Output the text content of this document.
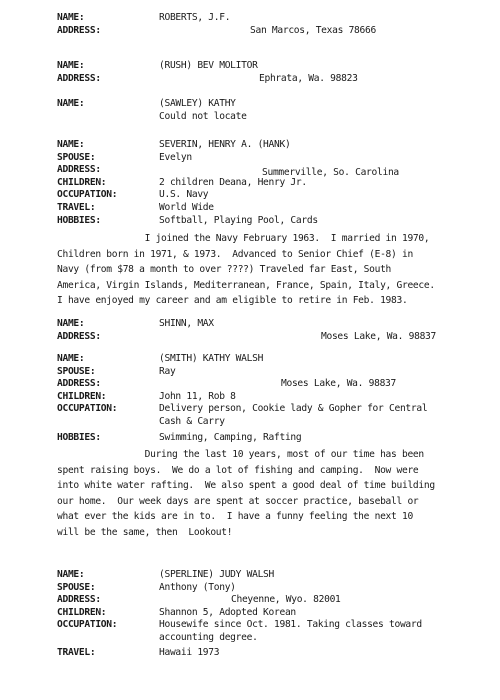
NAME:	ROBERTS, J.F.
ADDRESS:	San Marcos, Texas 78666
NAME:	(RUSH) BEV MOLITOR
ADDRESS:	Ephrata, Wa. 98823
NAME:	(SAWLEY) KATHY
Could not locate
NAME:	SEVERIN, HENRY A. (HANK)
SPOUSE:	Evelyn
ADDRESS:	Summerville, So. Carolina
CHILDREN:	2 children Deana, Henry Jr.
OCCUPATION:	U.S. Navy
TRAVEL:	World Wide
HOBBIES:	Softball, Playing Pool, Cards
I joined the Navy February 1963.  I married in 1970,
Children born in 1971, & 1973.  Advanced to Senior Chief (E-8) in
Navy (from $78 a month to over ????) Traveled far East, South
America, Virgin Islands, Mediterranean, France, Spain, Italy, Greece.
I have enjoyed my career and am eligible to retire in Feb. 1983.
NAME:	SHINN, MAX
ADDRESS:	Moses Lake, Wa. 98837
NAME:	(SMITH) KATHY WALSH
SPOUSE:	Ray
ADDRESS:	Moses Lake, Wa. 98837
CHILDREN:	John 11, Rob 8
OCCUPATION:	Delivery person, Cookie lady & Gopher for Central
Cash & Carry
HOBBIES:	Swimming, Camping, Rafting
During the last 10 years, most of our time has been
spent raising boys.  We do a lot of fishing and camping.  Now were
into white water rafting.  We also spent a good deal of time building
our home.  Our week days are spent at soccer practice, baseball or
what ever the kids are in to.  I have a funny feeling the next 10
will be the same, then  Lookout!
NAME:	(SPERLINE) JUDY WALSH
SPOUSE:	Anthony (Tony)
ADDRESS:	Cheyenne, Wyo. 82001
CHILDREN:	Shannon 5, Adopted Korean
OCCUPATION:	Housewife since Oct. 1981. Taking classes toward
accounting degree.
TRAVEL:	Hawaii 1973
